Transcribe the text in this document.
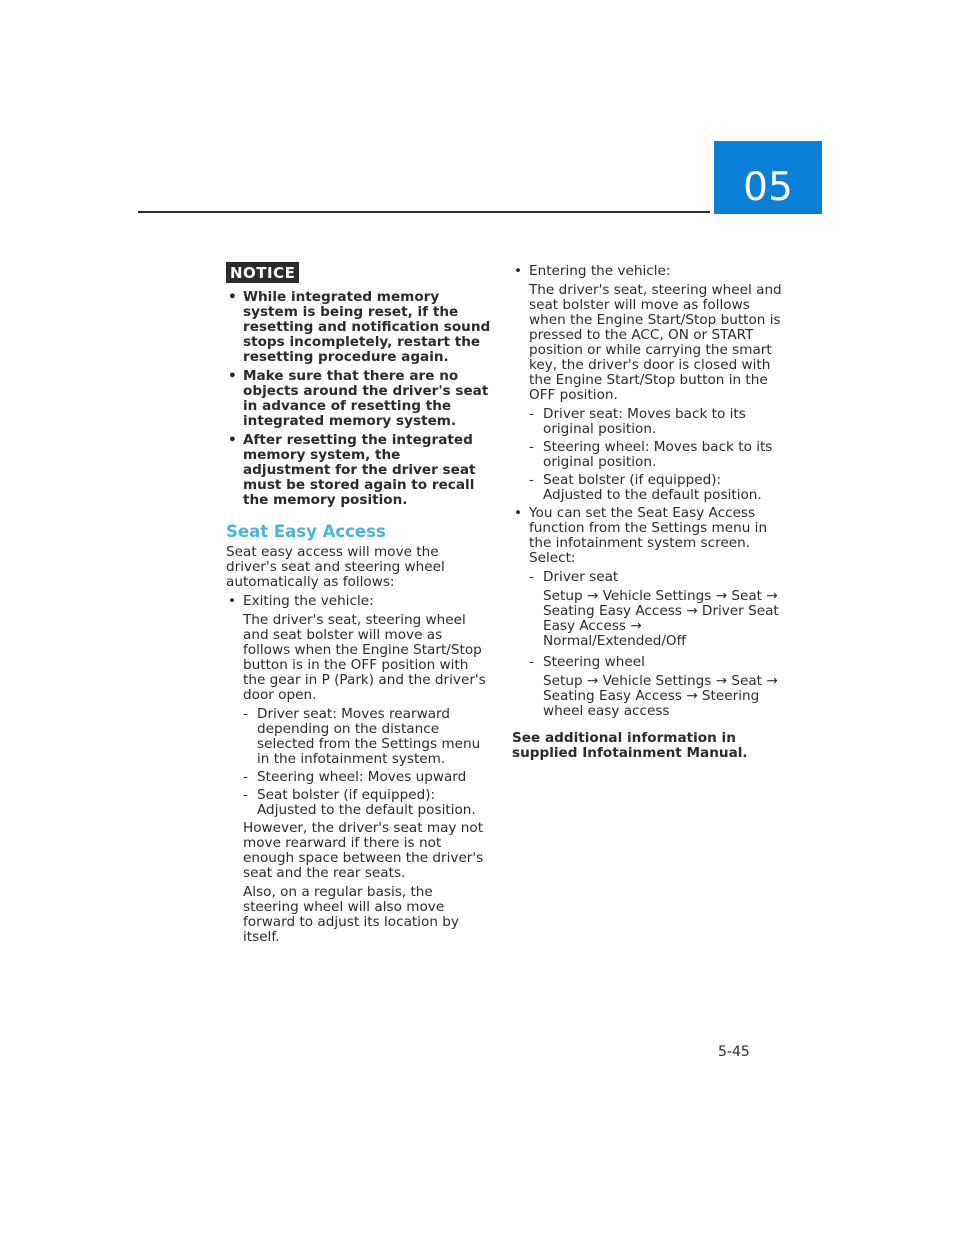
05
NOTICE
• While integrated memory system is being reset, if the resetting and notification sound stops incompletely, restart the resetting procedure again.
• Make sure that there are no objects around the driver's seat in advance of resetting the integrated memory system.
• After resetting the integrated memory system, the adjustment for the driver seat must be stored again to recall the memory position.
Seat Easy Access

Seat easy access will move the driver's seat and steering wheel automatically as follows:

• Exiting the vehicle:

The driver's seat, steering wheel and seat bolster will move as follows when the Engine Start/Stop button is in the OFF position with the gear in P (Park) and the driver's door open.

- Driver seat: Moves rearward depending on the distance selected from the Settings menu in the infotainment system.
- Steering wheel: Moves upward
- Seat bolster (if equipped): Adjusted to the default position.

However, the driver's seat may not move rearward if there is not enough space between the driver's seat and the rear seats.

Also, on a regular basis, the steering wheel will also move forward to adjust its location by itself.

• Entering the vehicle:

The driver's seat, steering wheel and seat bolster will move as follows when the Engine Start/Stop button is pressed to the ACC, ON or START position or while carrying the smart key, the driver's door is closed with the Engine Start/Stop button in the OFF position.

- Driver seat: Moves back to its original position.
- Steering wheel: Moves back to its original position.
- Seat bolster (if equipped): Adjusted to the default position.
• You can set the Seat Easy Access function from the Settings menu in the infotainment system screen. Select:
- Driver seat

Setup → Vehicle Settings → Seat → Seating Easy Access → Driver Seat Easy Access → Normal/Extended/Off

- Steering wheel

Setup → Vehicle Settings → Seat → Seating Easy Access → Steering wheel easy access

See additional information in supplied Infotainment Manual.

5-45
